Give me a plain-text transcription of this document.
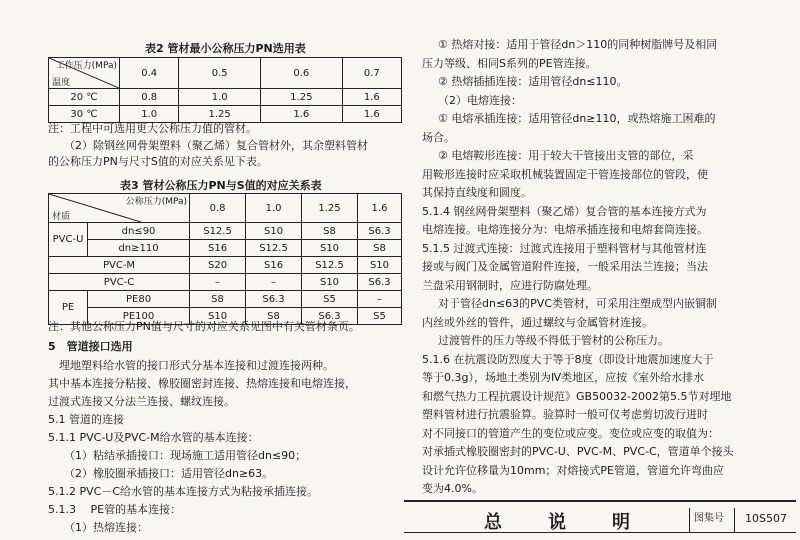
表2 管材最小公称压力PN选用表
工作压力(MPa)
温度	0.4	0.5	0.6	0.7
20 ℃	0.8	1.0	1.25	1.6
30 ℃	1.0	1.25	1.6	1.6
注：工程中可选用更大公称压力值的管材。
（2）除钢丝网骨架塑料（聚乙烯）复合管材外，其余塑料管材
的公称压力PN与尺寸S值的对应关系见下表。
表3 管材公称压力PN与S值的对应关系表
公称压力(MPa)
材质		0.8	1.0	1.25	1.6
PVC-U	dn≤90	S12.5	S10	S8	S6.3
	dn≥110	S16	S12.5	S10	S8
PVC-M		S20	S16	S12.5	S10
PVC-C		–	–	S10	S6.3
PE	PE80	S8	S6.3	S5	–
	PE100	S10	S8	S6.3	S5
注：其他公称压力PN值与尺寸的对应关系见图中有关管材条页。
5　管道接口选用
　埋地塑料给水管的接口形式分基本连接和过渡连接两种。
其中基本连接分粘接、橡胶圈密封连接、热熔连接和电熔连接，
过渡式连接又分法兰连接、螺纹连接。
5.1 管道的连接
5.1.1 PVC-U及PVC-M给水管的基本连接：
（1）粘结承插接口：现场施工适用管径dn≤90；
（2）橡胶圈承插接口：适用管径dn≥63。
5.1.2 PVC－C给水管的基本连接方式为粘接承插连接。
5.1.3 　PE管的基本连接：
（1）热熔连接：
① 热熔对接：适用于管径dn＞110的同种树脂牌号及相同
压力等级、相同S系列的PE管连接。
② 热熔插插连接：适用管径dn≤110。
（2）电熔连接：
① 电熔承插连接：适用管径dn≥110，或热熔施工困难的
场合。
② 电熔鞍形连接：用于较大干管接出支管的部位，采
用鞍形连接时应采取机械装置固定干管连接部位的管段，使
其保持直线度和圆度。
5.1.4 钢丝网骨架塑料（聚乙烯）复合管的基本连接方式为
电熔连接。电熔连接分为：电熔承插连接和电熔套筒连接。
5.1.5 过渡式连接：过渡式连接用于塑料管材与其他管材连
接或与阀门及金属管道附件连接，一般采用法兰连接；当法
兰盘采用钢制时，应进行防腐处理。
对于管径dn≤63的PVC类管材，可采用注塑成型内嵌铜制
内丝或外丝的管件，通过螺纹与金属管材连接。
过渡管件的压力等级不得低于管材的公称压力。
5.1.6 在抗震设防烈度大于等于8度（即设计地震加速度大于
等于0.3g），场地土类别为Ⅳ类地区，应按《室外给水排水
和燃气热力工程抗震设计规范》GB50032-2002第5.5节对埋地
塑料管材进行抗震验算。验算时一般可仅考虑剪切波行进时
对不同接口的管道产生的变位或应变。变位或应变的取值为：
对承插式橡胶圈密封的PVC-U、PVC-M、PVC-C，管道单个接头
设计允许位移量为10mm；对熔接式PE管道，管道允许弯曲应
变为4.0%。
总　说　明	图集号	10S507
